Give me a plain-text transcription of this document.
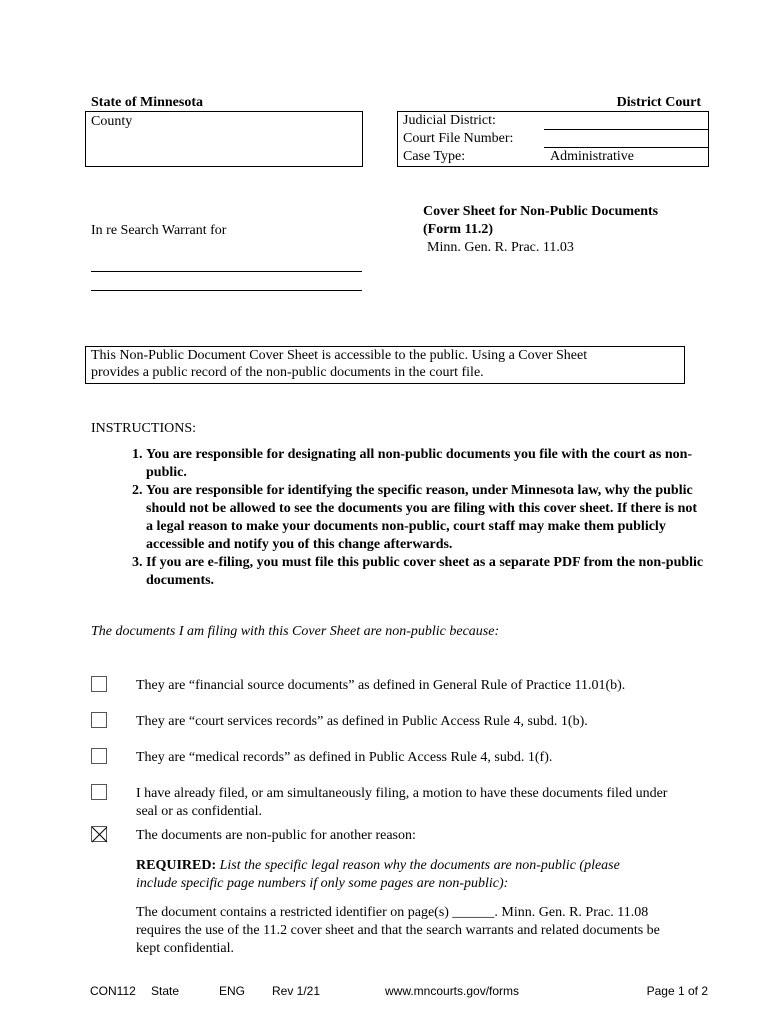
State of Minnesota	District Court
County	Judicial District:
Court File Number:
Case Type:	Administrative
In re Search Warrant for
Cover Sheet for Non-Public Documents
(Form 11.2)
Minn. Gen. R. Prac. 11.03
This Non-Public Document Cover Sheet is accessible to the public. Using a Cover Sheet
provides a public record of the non-public documents in the court file.
INSTRUCTIONS:
1. You are responsible for designating all non-public documents you file with the court as non-public.
2. You are responsible for identifying the specific reason, under Minnesota law, why the public should not be allowed to see the documents you are filing with this cover sheet. If there is not a legal reason to make your documents non-public, court staff may make them publicly accessible and notify you of this change afterwards.
3. If you are e-filing, you must file this public cover sheet as a separate PDF from the non-public documents.
The documents I am filing with this Cover Sheet are non-public because:
They are “financial source documents” as defined in General Rule of Practice 11.01(b).
They are “court services records” as defined in Public Access Rule 4, subd. 1(b).
They are “medical records” as defined in Public Access Rule 4, subd. 1(f).
I have already filed, or am simultaneously filing, a motion to have these documents filed under seal or as confidential.
The documents are non-public for another reason:
REQUIRED: List the specific legal reason why the documents are non-public (please include specific page numbers if only some pages are non-public):
The document contains a restricted identifier on page(s) ______. Minn. Gen. R. Prac. 11.08 requires the use of the 11.2 cover sheet and that the search warrants and related documents be kept confidential.
CON112 State	ENG Rev 1/21	www.mncourts.gov/forms	Page 1 of 2
